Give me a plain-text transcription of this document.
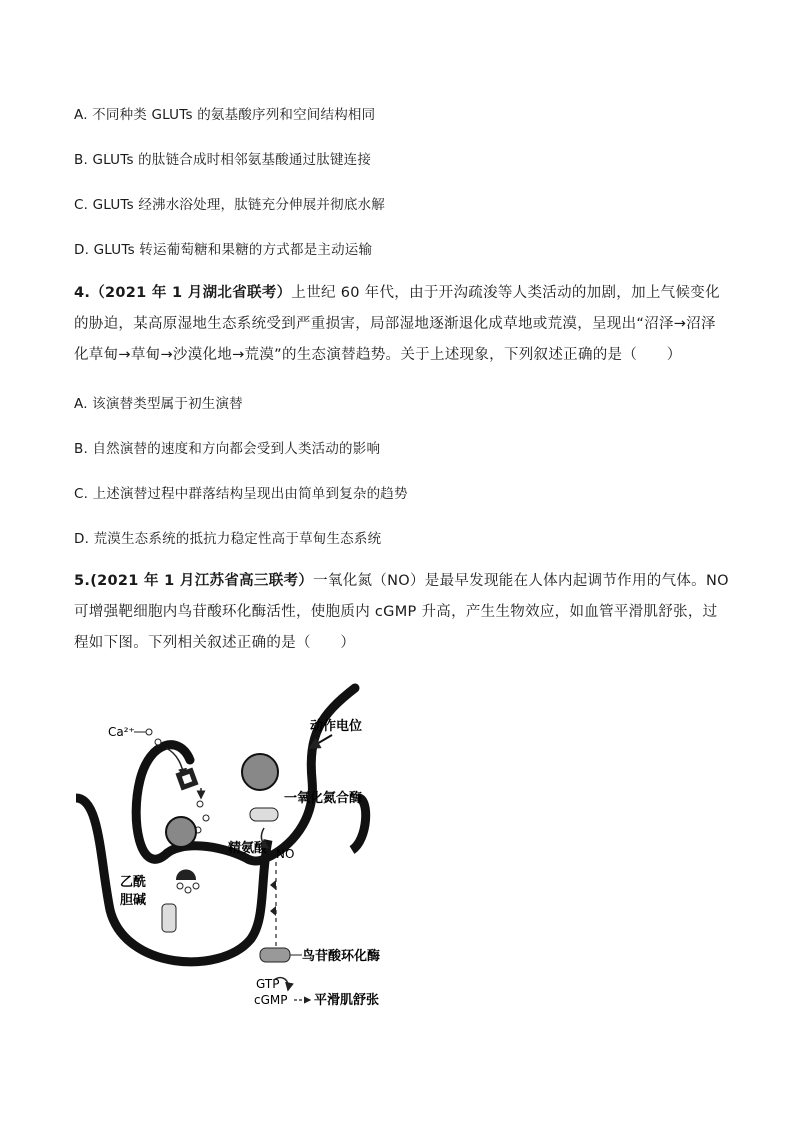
A. 不同种类 GLUTs 的氨基酸序列和空间结构相同
B. GLUTs 的肽链合成时相邻氨基酸通过肽键连接
C. GLUTs 经沸水浴处理，肽链充分伸展并彻底水解
D. GLUTs 转运葡萄糖和果糖的方式都是主动运输
4.（2021 年 1 月湖北省联考）上世纪 60 年代，由于开沟疏浚等人类活动的加剧，加上气候变化的胁迫，某高原湿地生态系统受到严重损害，局部湿地逐渐退化成草地或荒漠，呈现出“沼泽→沼泽化草甸→草甸→沙漠化地→荒漠”的生态演替趋势。关于上述现象，下列叙述正确的是（　　）
A. 该演替类型属于初生演替
B. 自然演替的速度和方向都会受到人类活动的影响
C. 上述演替过程中群落结构呈现出由简单到复杂的趋势
D. 荒漠生态系统的抵抗力稳定性高于草甸生态系统
5.(2021 年 1 月江苏省高三联考）一氧化氮（NO）是最早发现能在人体内起调节作用的气体。NO 可增强靶细胞内鸟苷酸环化酶活性，使胞质内 cGMP 升高，产生生物效应，如血管平滑肌舒张，过程如下图。下列相关叙述正确的是（　　）
Ca²⁺	动作电位
一氧化氮合酶
精氨酸 NO
乙酰
胆碱
鸟苷酸环化酶
GTP
cGMP 平滑肌舒张
